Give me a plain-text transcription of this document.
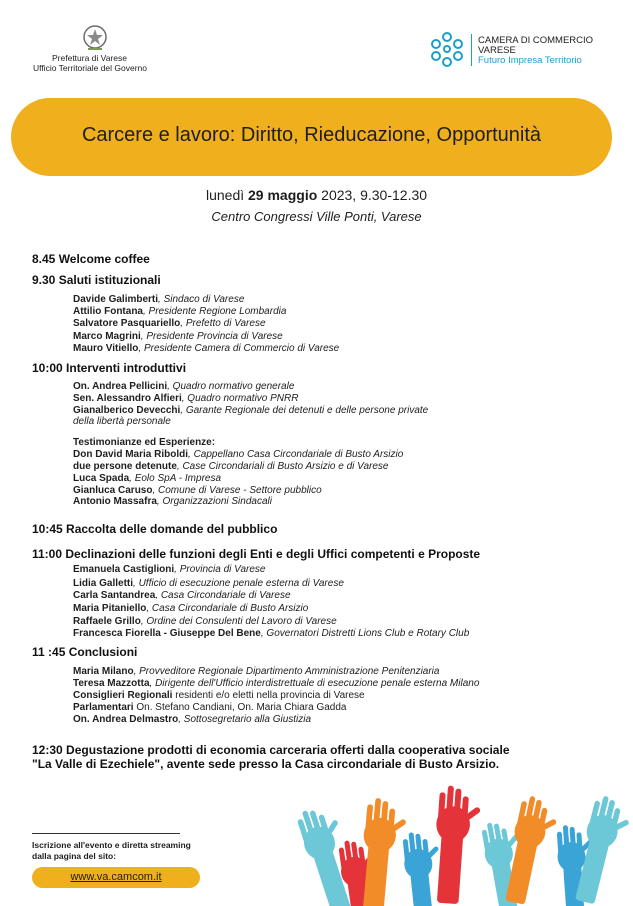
Prefettura di Varese
Ufficio Territoriale del Governo
CAMERA DI COMMERCIO
VARESE
Futuro Impresa Territorio
Carcere e lavoro: Diritto, Rieducazione, Opportunità
lunedì 29 maggio 2023, 9.30-12.30
Centro Congressi Ville Ponti, Varese
8.45 Welcome coffee
9.30 Saluti istituzionali
Davide Galimberti, Sindaco di Varese
Attilio Fontana, Presidente Regione Lombardia
Salvatore Pasquariello, Prefetto di Varese
Marco Magrini, Presidente Provincia di Varese
Mauro Vitiello, Presidente Camera di Commercio di Varese
10:00 Interventi introduttivi
On. Andrea Pellicini, Quadro normativo generale
Sen. Alessandro Alfieri, Quadro normativo PNRR
Gianalberico Devecchi, Garante Regionale dei detenuti e delle persone private
della libertà personale
Testimonianze ed Esperienze:
Don David Maria Riboldi, Cappellano Casa Circondariale di Busto Arsizio
due persone detenute, Case Circondariali di Busto Arsizio e di Varese
Luca Spada, Eolo SpA - Impresa
Gianluca Caruso, Comune di Varese - Settore pubblico
Antonio Massafra, Organizzazioni Sindacali
10:45 Raccolta delle domande del pubblico
11:00 Declinazioni delle funzioni degli Enti e degli Uffici competenti e Proposte
Emanuela Castiglioni, Provincia di Varese
Lidia Galletti, Ufficio di esecuzione penale esterna di Varese
Carla Santandrea, Casa Circondariale di Varese
Maria Pitaniello, Casa Circondariale di Busto Arsizio
Raffaele Grillo, Ordine dei Consulenti del Lavoro di Varese
Francesca Fiorella - Giuseppe Del Bene, Governatori Distretti Lions Club e Rotary Club
11 :45 Conclusioni
Maria Milano, Provveditore Regionale Dipartimento Amministrazione Penitenziaria
Teresa Mazzotta, Dirigente dell'Ufficio interdistrettuale di esecuzione penale esterna Milano
Consiglieri Regionali residenti e/o eletti nella provincia di Varese
Parlamentari On. Stefano Candiani, On. Maria Chiara Gadda
On. Andrea Delmastro, Sottosegretario alla Giustizia
12:30 Degustazione prodotti di economia carceraria offerti dalla cooperativa sociale
"La Valle di Ezechiele", avente sede presso la Casa circondariale di Busto Arsizio.
Iscrizione all'evento e diretta streaming
dalla pagina del sito:
www.va.camcom.it
